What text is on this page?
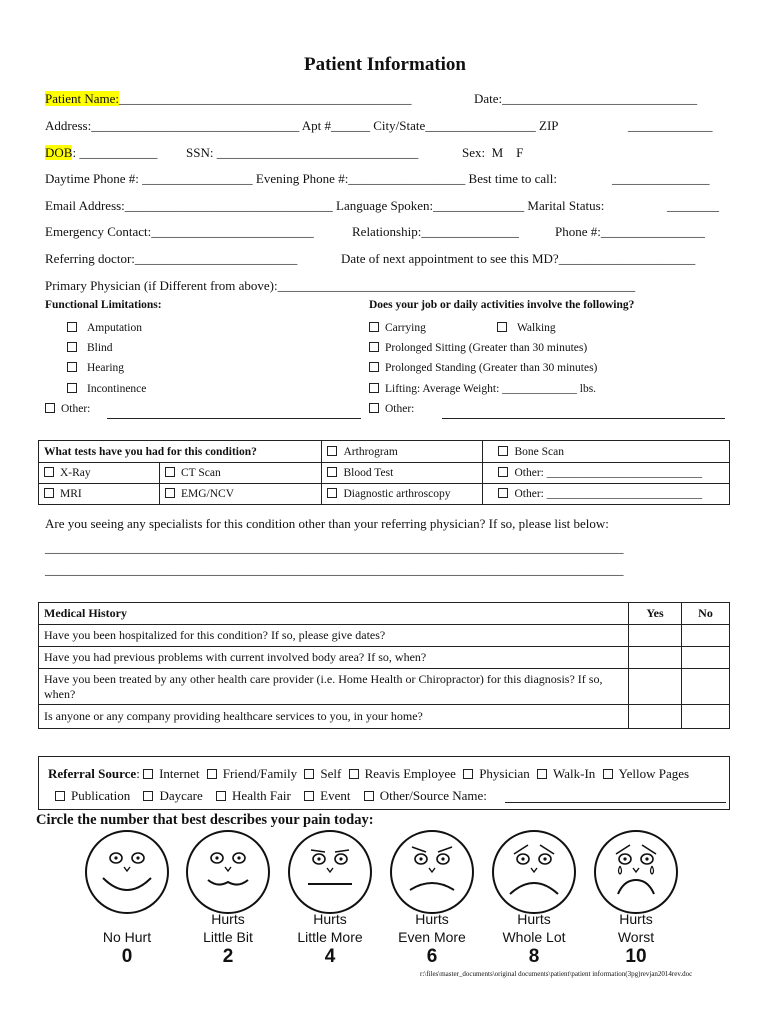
Patient Information
Patient Name:_____________________________________________	Date:______________________________
Address:________________________________ Apt #______ City/State_________________ ZIP	_____________
DOB: ____________ SSN: _______________________________	Sex:  M    F
Daytime Phone #: _________________ Evening Phone #:__________________ Best time to call:	_______________
Email Address:________________________________ Language Spoken:______________ Marital Status:	________
Emergency Contact:_________________________	Relationship:_______________	Phone #:________________
Referring doctor:_________________________	Date of next appointment to see this MD?_____________________
Primary Physician (if Different from above):_______________________________________________________
Functional Limitations:
Amputation
Blind
Hearing
Incontinence
Other:
Does your job or daily activities involve the following?
Carrying	Walking
Prolonged Sitting (Greater than 30 minutes)
Prolonged Standing (Greater than 30 minutes)
Lifting: Average Weight: _____________ lbs.
Other:
What tests have you had for this condition?		Arthrogram	Bone Scan
X-Ray	CT Scan	Blood Test	Other: ___________________________
MRI	EMG/NCV	Diagnostic arthroscopy	Other: ___________________________
Are you seeing any specialists for this condition other than your referring physician? If so, please list below:
_________________________________________________________________________________________
_________________________________________________________________________________________
Medical History	Yes	No
Have you been hospitalized for this condition? If so, please give dates?		
Have you had previous problems with current involved body area? If so, when?		
Have you been treated by any other health care provider (i.e. Home Health or Chiropractor) for this diagnosis? If so, when?		
Is anyone or any company providing healthcare services to you, in your home?		
Referral Source: Internet Friend/Family Self Reavis Employee Physician Walk-In Yellow Pages
Publication Daycare Health Fair Event Other/Source Name:
Circle the number that best describes your pain today:

No Hurt
Hurts
Little Bit
Hurts
Little More
Hurts
Even More
Hurts
Whole Lot
Hurts
Worst
0	2	4	6	8	10
r:\files\master_documents\original documents\patient\patient information(3pg)revjan2014rev.doc
